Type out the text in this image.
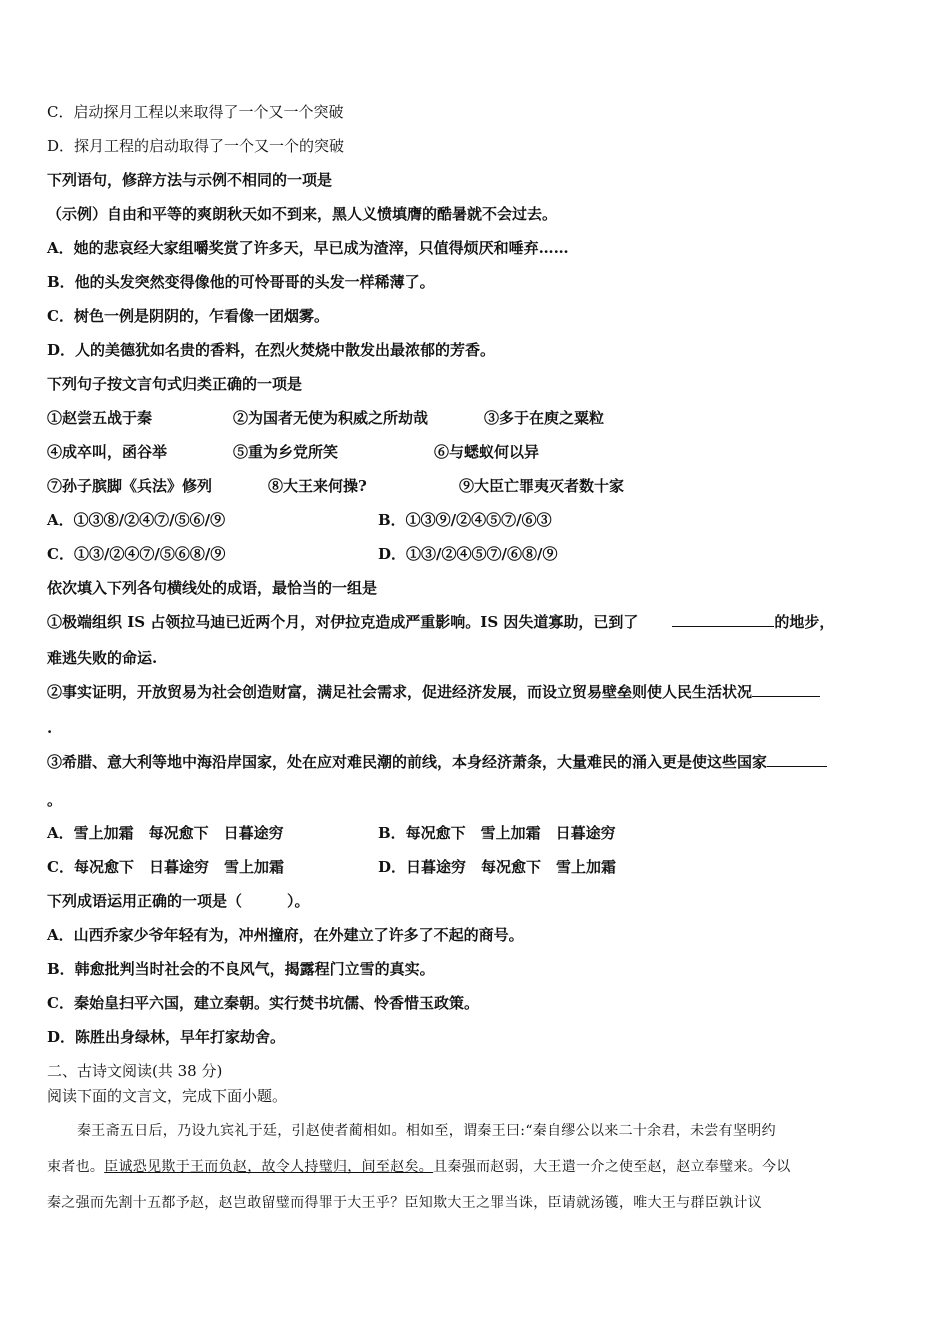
C．启动探月工程以来取得了一个又一个突破
D．探月工程的启动取得了一个又一个的突破
下列语句，修辞方法与示例不相同的一项是
（示例）自由和平等的爽朗秋天如不到来，黑人义愤填膺的酷暑就不会过去。
A．她的悲哀经大家组嚼奖赏了许多天，早已成为渣滓，只值得烦厌和唾弃……
B．他的头发突然变得像他的可怜哥哥的头发一样稀薄了。
C．树色一例是阴阴的，乍看像一团烟雾。
D．人的美德犹如名贵的香料，在烈火焚烧中散发出最浓郁的芳香。
下列句子按文言句式归类正确的一项是
①赵尝五战于秦	②为国者无使为积威之所劫哉	③多于在庾之粟粒
④成卒叫，函谷举	⑤重为乡党所笑	⑥与蟋蚁何以异
⑦孙子膑脚《兵法》修列	⑧大王来何操?	⑨大臣亡罪夷灭者数十家
A．①③⑧/②④⑦/⑤⑥/⑨	B．①③⑨/②④⑤⑦/⑥③
C．①③/②④⑦/⑤⑥⑧/⑨	D．①③/②④⑤⑦/⑥⑧/⑨
依次填入下列各句横线处的成语，最恰当的一组是
①极端组织 IS 占领拉马迪已近两个月，对伊拉克造成严重影响。IS 因失道寡助，已到了	的地步，
难逃失败的命运.
②事实证明，开放贸易为社会创造财富，满足社会需求，促进经济发展，而设立贸易壁垒则使人民生活状况
.
③希腊、意大利等地中海沿岸国家，处在应对难民潮的前线，本身经济萧条，大量难民的涌入更是使这些国家
。
A．雪上加霜　每况愈下　日暮途穷	B．每况愈下　雪上加霜　日暮途穷
C．每况愈下　日暮途穷　雪上加霜	D．日暮途穷　每况愈下　雪上加霜
下列成语运用正确的一项是（　　　）。
A．山西乔家少爷年轻有为，冲州撞府，在外建立了许多了不起的商号。
B．韩愈批判当时社会的不良风气，揭露程门立雪的真实。
C．秦始皇扫平六国，建立秦朝。实行焚书坑儒、怜香惜玉政策。
D．陈胜出身绿林，早年打家劫舍。
二、古诗文阅读(共 38 分)
阅读下面的文言文，完成下面小题。
秦王斋五日后，乃设九宾礼于廷，引赵使者蔺相如。相如至，谓秦王曰:“秦自缪公以来二十余君，未尝有坚明约
束者也。臣诚恐见欺于王而负赵，故令人持璧归，间至赵矣。且秦强而赵弱，大王遣一介之使至赵，赵立奉璧来。今以
秦之强而先割十五都予赵，赵岂敢留璧而得罪于大王乎？臣知欺大王之罪当诛，臣请就汤镬，唯大王与群臣孰计议
